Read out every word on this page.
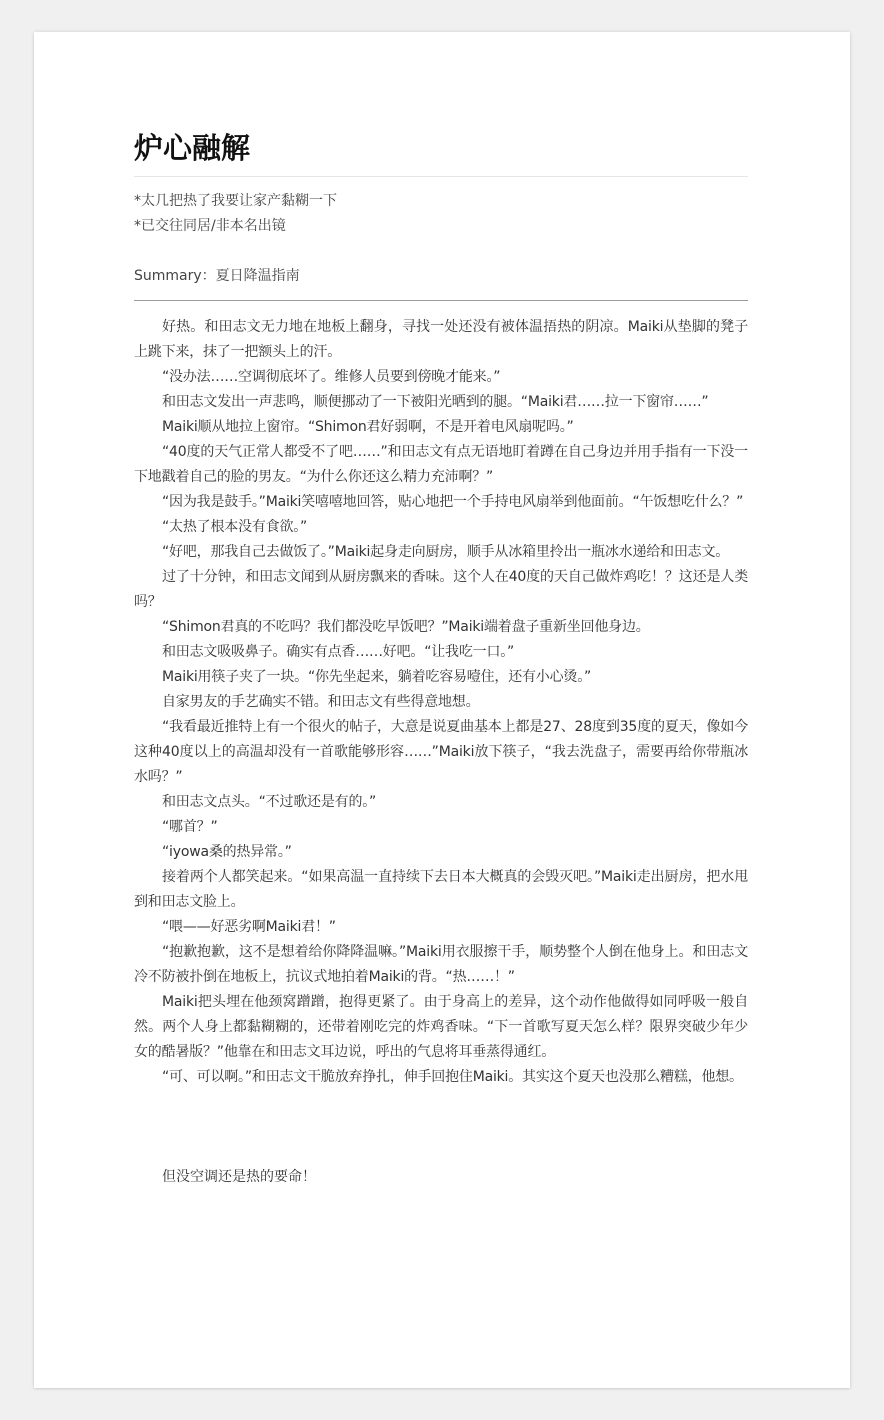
炉心融解
*太几把热了我要让家产黏糊一下
*已交往同居/非本名出镜
Summary：夏日降温指南

好热。和田志文无力地在地板上翻身，寻找一处还没有被体温捂热的阴凉。Maiki从垫脚的凳子上跳下来，抹了一把额头上的汗。

“没办法……空调彻底坏了。维修人员要到傍晚才能来。”

和田志文发出一声悲鸣，顺便挪动了一下被阳光晒到的腿。“Maiki君……拉一下窗帘……”

Maiki顺从地拉上窗帘。“Shimon君好弱啊，不是开着电风扇呢吗。”

“40度的天气正常人都受不了吧……”和田志文有点无语地盯着蹲在自己身边并用手指有一下没一下地戳着自己的脸的男友。“为什么你还这么精力充沛啊？”

“因为我是鼓手。”Maiki笑嘻嘻地回答，贴心地把一个手持电风扇举到他面前。“午饭想吃什么？”

“太热了根本没有食欲。”

“好吧，那我自己去做饭了。”Maiki起身走向厨房，顺手从冰箱里拎出一瓶冰水递给和田志文。

过了十分钟，和田志文闻到从厨房飘来的香味。这个人在40度的天自己做炸鸡吃！？这还是人类吗？

“Shimon君真的不吃吗？我们都没吃早饭吧？”Maiki端着盘子重新坐回他身边。

和田志文吸吸鼻子。确实有点香……好吧。“让我吃一口。”

Maiki用筷子夹了一块。“你先坐起来，躺着吃容易噎住，还有小心烫。”

自家男友的手艺确实不错。和田志文有些得意地想。

“我看最近推特上有一个很火的帖子，大意是说夏曲基本上都是27、28度到35度的夏天，像如今这种40度以上的高温却没有一首歌能够形容……”Maiki放下筷子，“我去洗盘子，需要再给你带瓶冰水吗？”

和田志文点头。“不过歌还是有的。”

“哪首？”

“iyowa桑的热异常。”

接着两个人都笑起来。“如果高温一直持续下去日本大概真的会毁灭吧。”Maiki走出厨房，把水甩到和田志文脸上。

“喂——好恶劣啊Maiki君！”

“抱歉抱歉，这不是想着给你降降温嘛。”Maiki用衣服擦干手，顺势整个人倒在他身上。和田志文冷不防被扑倒在地板上，抗议式地拍着Maiki的背。“热……！”

Maiki把头埋在他颈窝蹭蹭，抱得更紧了。由于身高上的差异，这个动作他做得如同呼吸一般自然。两个人身上都黏糊糊的，还带着刚吃完的炸鸡香味。“下一首歌写夏天怎么样？限界突破少年少女的酷暑版？”他靠在和田志文耳边说，呼出的气息将耳垂蒸得通红。

“可、可以啊。”和田志文干脆放弃挣扎，伸手回抱住Maiki。其实这个夏天也没那么糟糕，他想。

但没空调还是热的要命！
